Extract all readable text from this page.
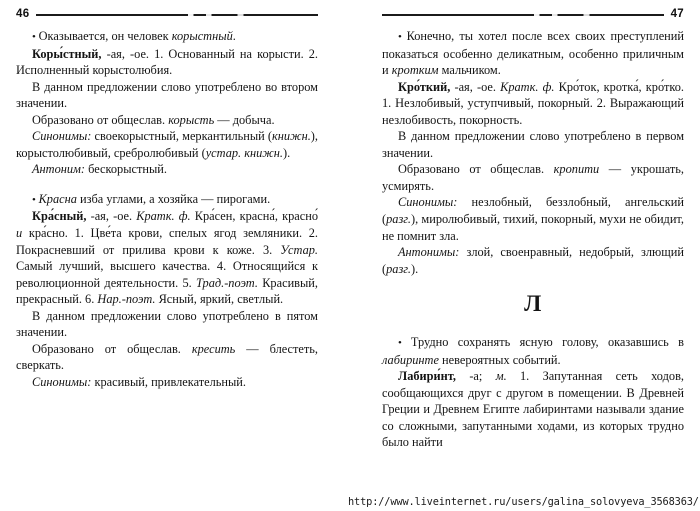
46

• Оказывается, он человек корыстный.

Коры́стный, -ая, -ое. 1. Основанный на корысти. 2. Исполненный корыстолюбия.

В данном предложении слово употреблено во втором значении.

Образовано от общеслав. корысть — добыча.

Синонимы: своекорыстный, меркантильный (книжн.), корыстолюбивый, сребролюбивый (устар. книжн.).

Антоним: бескорыстный.

• Красна изба углами, а хозяйка — пирогами.

Кра́сный, -ая, -ое. Кратк. ф. Кра́сен, красна́, красно́ и кра́сно. 1. Цве́та крови, спелых ягод земляники. 2. Покрасневший от прилива крови к коже. 3. Устар. Самый лучший, высшего качества. 4. Относящийся к революционной деятельности. 5. Трад.-поэт. Красивый, прекрасный. 6. Нар.-поэт. Ясный, яркий, светлый.

В данном предложении слово употреблено в пятом значении.

Образовано от общеслав. кресить — блестеть, сверкать.

Синонимы: красивый, привлекательный.

47

• Конечно, ты хотел после всех своих преступлений показаться особенно деликатным, особенно приличным и кротким мальчиком.

Кро́ткий, -ая, -ое. Кратк. ф. Кро́ток, кротка́, кро́тко. 1. Незлобивый, уступчивый, покорный. 2. Выражающий незлобивость, покорность.

В данном предложении слово употреблено в первом значении.

Образовано от общеслав. кропити — укрошать, усмирять.

Синонимы: незлобный, беззлобный, ангельский (разг.), миролюбивый, тихий, покорный, мухи не обидит, не помнит зла.

Антонимы: злой, своенравный, недобрый, злющий (разг.).

Л

• Трудно сохранять ясную голову, оказавшись в лабиринте невероятных событий.

Лабири́нт, -а; м. 1. Запутанная сеть ходов, сообщающихся друг с другом в помещении. В Древней Греции и Древнем Египте лабиринтами называли здание со сложными, запутанными ходами, из которых трудно было найти

http://www.liveinternet.ru/users/galina_solovyeva_3568363/
